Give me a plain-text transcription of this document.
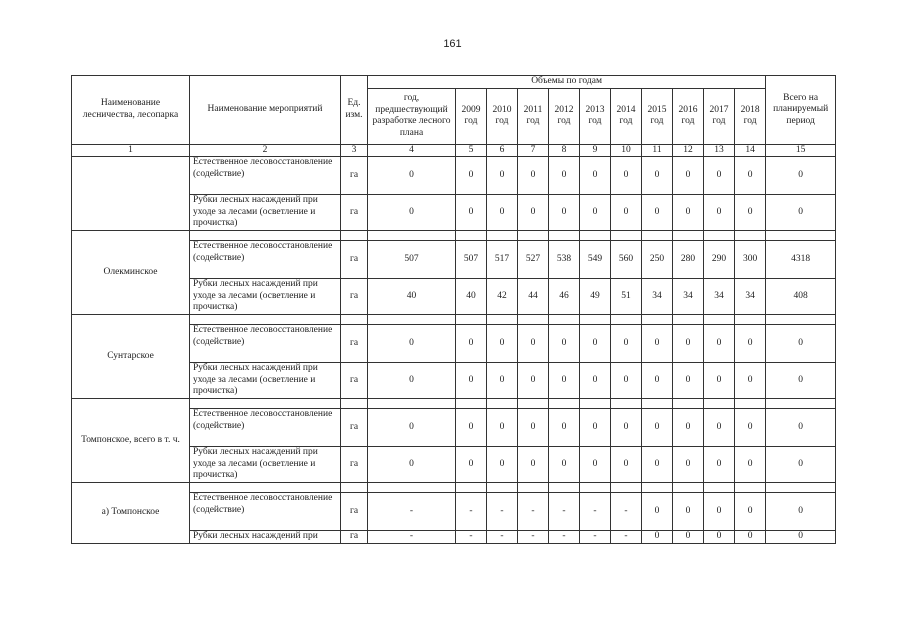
161
Наименование лесничества, лесопарка	Наименование мероприятий	Ед. изм.	Объемы по годам											Всего на планируемый период
			год, предшествующий разработке лесного плана	2009 год	2010 год	2011 год	2012 год	2013 год	2014 год	2015 год	2016 год	2017 год	2018 год	
1	2	3	4	5	6	7	8	9	10	11	12	13	14	15
	Естественное лесовосстановление (содействие)	га	0	0	0	0	0	0	0	0	0	0	0	0
	Рубки лесных насаждений при уходе за лесами (осветление и прочистка)	га	0	0	0	0	0	0	0	0	0	0	0	0
Олекминское														
	Естественное лесовосстановление (содействие)	га	507	507	517	527	538	549	560	250	280	290	300	4318
	Рубки лесных насаждений при уходе за лесами (осветление и прочистка)	га	40	40	42	44	46	49	51	34	34	34	34	408
Сунтарское														
	Естественное лесовосстановление (содействие)	га	0	0	0	0	0	0	0	0	0	0	0	0
	Рубки лесных насаждений при уходе за лесами (осветление и прочистка)	га	0	0	0	0	0	0	0	0	0	0	0	0
Томпонское, всего в т. ч.														
	Естественное лесовосстановление (содействие)	га	0	0	0	0	0	0	0	0	0	0	0	0
	Рубки лесных насаждений при уходе за лесами (осветление и прочистка)	га	0	0	0	0	0	0	0	0	0	0	0	0
а) Томпонское														
	Естественное лесовосстановление (содействие)	га	-	-	-	-	-	-	-	0	0	0	0	0
	Рубки лесных насаждений при	га	-	-	-	-	-	-	-	0	0	0	0	0
